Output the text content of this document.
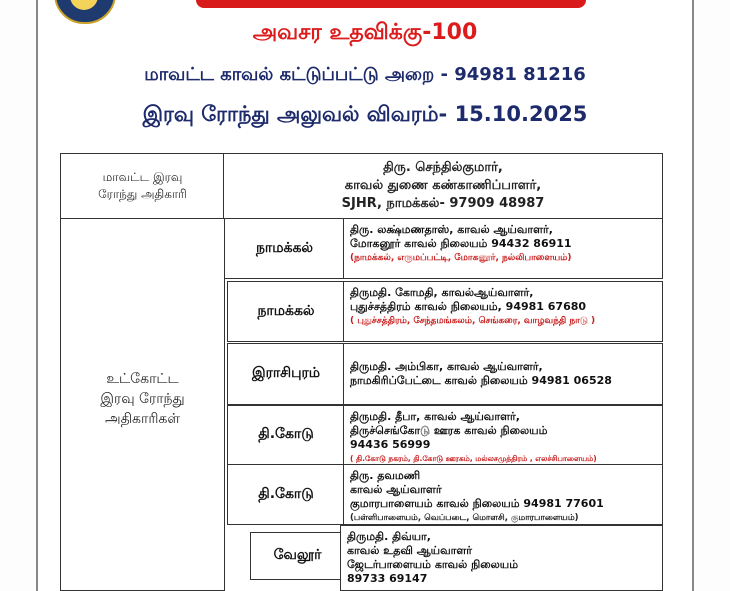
அவசர உதவிக்கு-100
மாவட்ட காவல் கட்டுப்பட்டு அறை - 94981 81216
இரவு ரோந்து அலுவல் விவரம்- 15.10.2025
மாவட்ட இரவு
ரோந்து அதிகாரி
திரு. செந்தில்குமார்,
காவல் துணை கண்காணிப்பாளர்,
SJHR, நாமக்கல்- 97909 48987
உட்கோட்ட
இரவு ரோந்து
அதிகாரிகள்
நாமக்கல்
திரு. லக்ஷ்மணதாஸ், காவல் ஆய்வாளர்,
மோகனூர் காவல் நிலையம் 94432 86911
(நாமக்கல், எருமப்பட்டி, மோகனூர், நல்லிபாளையம்)
நாமக்கல்
திருமதி. கோமதி, காவல்ஆய்வாளர்,
புதுச்சத்திரம் காவல் நிலையம், 94981 67680
( புதுச்சத்திரம், சேந்தமங்கலம், செங்கரை, வாழவந்தி நாடு )
இராசிபுரம்	திருமதி. அம்பிகா, காவல் ஆய்வாளர்,
நாமகிரிப்பேட்டை காவல் நிலையம் 94981 06528
தி.கோடு
திருமதி. தீபா, காவல் ஆய்வாளர்,
திருச்செங்கோடு ஊரக காவல் நிலையம்
94436 56999
( தி.கோடு நகரம், தி.கோடு ஊரகம், மல்லசமுத்திரம் , எலச்சிபாளையம்)
தி.கோடு
திரு. தவமணி
காவல் ஆய்வாளர்
குமாரபாளையம் காவல் நிலையம் 94981 77601
(பள்ளிபாளையம், வெப்படை, மொளசி, குமாரபாளையம்)
வேலூர்
திருமதி. திவ்யா,
காவல் உதவி ஆய்வாளர்
ஜேடர்பாளையம் காவல் நிலையம்
89733 69147
